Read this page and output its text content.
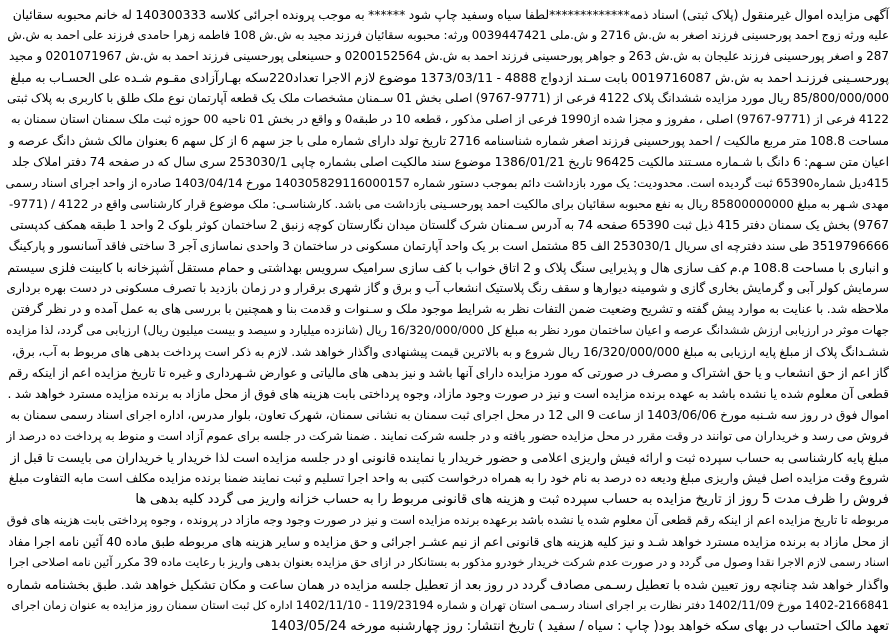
آگهی مزایده اموال غیرمنقول (پلاک ثبتی) اسناد ذمه*************لطفا سیاه وسفید چاپ شود ****** به موجب پرونده اجرائی کلاسه 140300333 له خانم محبوبه سقائیان
علیه ورثه زوج احمد پورحسینی فرزند اصغر به ش.ش 2716 و ش.ملی 0039447421 ورثه: محبوبه سقائیان فرزند مجید به ش.ش 108 فاطمه زهرا حامدی فرزند علی احمد به ش.ش
287 و اصغر پورحسینی فرزند علیجان به ش.ش 263 و جواهر پورحسینی فرزند احمد به ش.ش 0200152564 و حسینعلی پورحسینی فرزند احمد به ش.ش 0201071967 و مجید
پورحسـینی فرزنـد احمد به ش.ش 0019716087 بابت سـند ازدواج 4888 - 1373/03/11 موضوع لازم الاجرا تعداد220سکه بهـارآزادی مقـوم شـده علی الحسـاب به مبلغ
85/800/000/000 ریال مورد مزایده ششدانگ پلاک 4122 فرعی از (9771-9767) اصلی بخش 01 سـمنان مشخصات ملک یک قطعه آپارتمان نوع ملک طلق با کاربری به پلاک ثبتی
4122 فرعی از (9771-9767) اصلی ، مفروز و مجزا شده از1990 فرعی از اصلی مذکور ، قطعه 10 در طبقه0 و واقع در بخش 01 ناحیه 00 حوزه ثبت ملک سمنان استان سمنان به
مساحت 108.8 متر مربع مالکیت / احمد پورحسینی فرزند اصغر شماره شناسنامه 2716 تاریخ تولد دارای شماره ملی با جز سهم 6 از کل سهم 6 بعنوان مالک شش دانگ عرصه و
اعیان متن سـهم: 6 دانگ با شـماره مسـتند مالکیت 96425 تاریخ 1386/01/21 موضوع سند مالکیت اصلی بشماره چاپی 253030/1 سری سال که در صفحه 74 دفتر املاک جلد
415دیل شماره65390 ثبت گردیده است. محدودیت: یک مورد بازداشت دائم بموجب دستور شماره 140305829116000157 مورخ 1403/04/14 صادره از واحد اجرای اسناد رسمی
مهدی شـهر به مبلغ 85800000000 ریال به نفع محبوبه سقائیان برای مالکیت احمد پورحسـینی بازداشت می باشد. کارشناسـی: ملک موضوع قرار کارشناسی واقع در 4122 / (9771-
9767) بخش یک سمنان دفتر 415 ذیل ثبت 65390 صفحه 74 به آدرس سـمنان شرک گلستان میدان نگارستان کوچه زنبق 2 ساختمان کوثر بلوک 2 واحد 1 طبقه همکف کدپستی
3519796666 طی سند دفترچه ای سریال 253030/1 الف 85 مشتمل است بر یک واحد آپارتمان مسکونی در ساختمان 3 واحدی نماسازی آجر 3 ساختی فاقد آسانسور و پارکینگ
و انباری با مساحت 108.8 م.م کف سازی هال و پذیرایی سنگ پلاک و 2 اتاق خواب با کف سازی سرامیک سرویس بهداشتی و حمام مستقل آشپزخانه با کابینت فلزی سیستم
سرمایش کولر آبی و گرمایش بخاری گازی و شومینه دیوارها و سقف رنگ پلاستیک انشعاب آب و برق و گاز شهری برقرار و در زمان بازدید با تصرف مسکونی در دست بهره برداری
ملاحظه شد. با عنایت به موارد پیش گفته و تشریح وضعیت ضمن التفات نظر به شرایط موجود ملک و سـنوات و قدمت بنا و همچنین با بررسی های به عمل آمده و در نظر گرفتن
جهات موثر در ارزیابی ارزش ششدانگ عرصه و اعیان ساختمان مورد نظر به مبلغ کل 16/320/000/000 ریال (شانزده میلیارد و سیصد و بیست میلیون ریال) ارزیابی می گردد، لذا مزایده
ششـدانگ پلاک از مبلغ پایه ارزیابی به مبلغ 16/320/000/000 ریال شروع و به بالاترین قیمت پیشنهادی واگذار خواهد شد. لازم به ذکر است پرداخت بدهی های مربوط به آب، برق،
گاز اعم از حق انشعاب و یا حق اشتراک و مصرف در صورتی که مورد مزایده دارای آنها باشد و نیز بدهی های مالیاتی و عوارض شـهرداری و غیره تا تاریخ مزایده اعم از اینکه رقم
قطعی آن معلوم شده یا نشده باشد به عهده برنده مزایده است و نیز در صورت وجود مازاد، وجوه پرداختی بابت هزینه های فوق از محل مازاد به برنده مزایده مسترد خواهد شد .
اموال فوق در روز سه شـنبه مورخ 1403/06/06 از ساعت 9 الی 12 در محل اجرای ثبت سمنان به نشانی سمنان، شهرک تعاون، بلوار مدرس، اداره اجرای اسناد رسمی سمنان به
فروش می رسد و خریداران می توانند در وقت مقرر در محل مزایده حضور یافته و در جلسه شرکت نمایند . ضمنا شرکت در جلسه برای عموم آزاد است و منوط به پرداخت ده درصد از
مبلغ پایه کارشناسی به حساب سپرده ثبت و ارائه فیش واریزی اعلامی و حضور خریدار یا نماینده قانونی او در جلسه مزایده است لذا خریدار یا خریداران می بایست تا قبل از
شروع وقت مزایده اصل فیش واریزی مبلغ ودیعه ده درصد به نام خود را به همراه درخواست کتبی به واحد اجرا تسلیم و ثبت نمایند ضمنا برنده مزایده مکلف است مابه التفاوت مبلغ
فروش را ظرف مدت 5 روز از تاریخ مزایده به حساب سپرده ثبت و هزینه های قانونی مربوط را به حساب خزانه واریز می گردد کلیه بدهی ها
مربوطه تا تاریخ مزایده اعم از اینکه رقم قطعی آن معلوم شده یا نشده باشد برعهده برنده مزایده است و نیز در صورت وجود وجه مازاد در پرونده ، وجوه پرداختی بابت هزینه های فوق
از محل مازاد به برنده مزایده مسترد خواهد شـد و نیز کلیه هزینه های قانونی اعم از نیم عشـر اجرائی و حق مزایده و سایر هزینه های مربوطه طبق ماده 40 آئین نامه اجرا مفاد
اسناد رسمی لازم الاجرا نقدا وصول می گردد و در صورت عدم شرکت خریدار خودرو مذکور به بستانکار در ازای حق مزایده بعنوان بدهی واریز با رعایت ماده 39 مکرر آئین نامه اصلاحی اجرا
واگذار خواهد شد چنانچه روز تعیین شده با تعطیل رسـمی مصادف گردد در روز بعد از تعطیل جلسه مزایده در همان ساعت و مکان تشکیل خواهد شد. طبق بخشنامه شماره
1402-2166841 مورخ 1402/11/09 دفتر نظارت بر اجرای اسناد رسـمی استان تهران و شماره 119/23194 - 1402/11/10 اداره کل ثبت استان سمنان روز مزایده به عنوان زمان اجرای
تعهد مالک احتساب در بهای سکه خواهد بود( چاپ : سیاه / سفید ) تاریخ انتشار: روز چهارشنبه مورخه 1403/05/24
